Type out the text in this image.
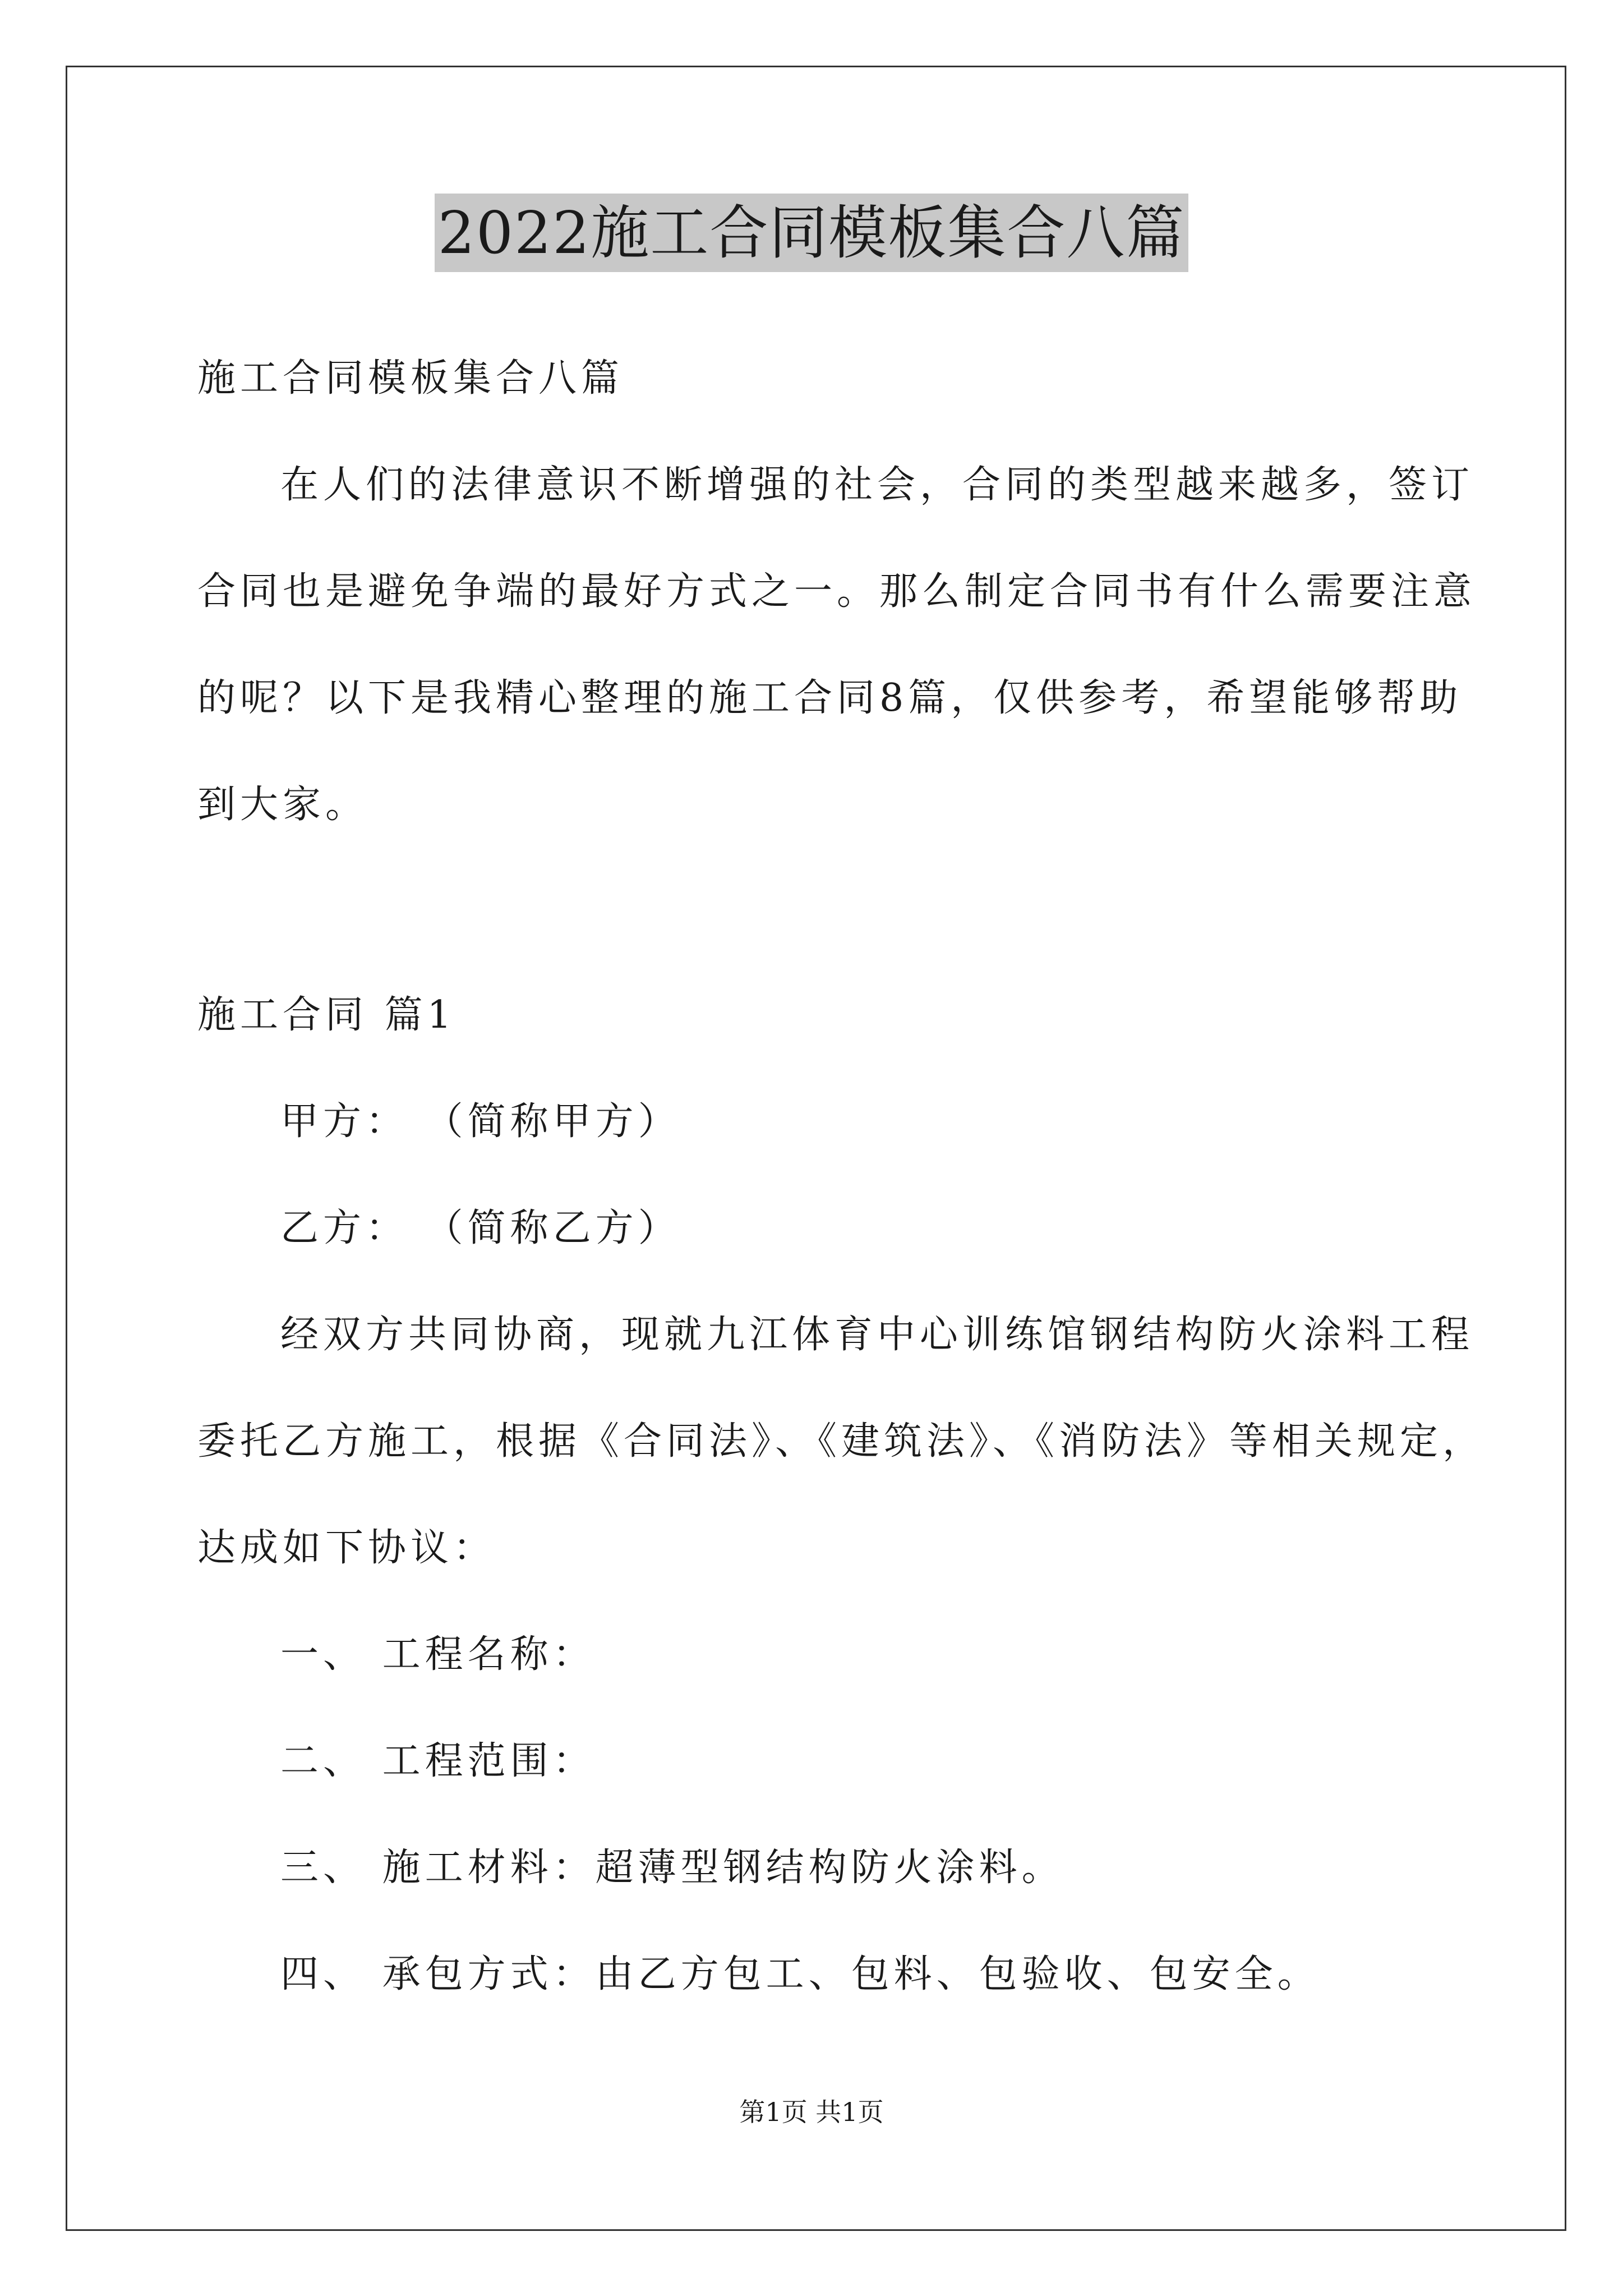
2022施工合同模板集合八篇
施工合同模板集合八篇
在人们的法律意识不断增强的社会，合同的类型越来越多，签订
合同也是避免争端的最好方式之一。那么制定合同书有什么需要注意
的呢？以下是我精心整理的施工合同8篇，仅供参考，希望能够帮助
到大家。
施工合同 篇1
甲方： （简称甲方）
乙方： （简称乙方）
经双方共同协商，现就九江体育中心训练馆钢结构防火涂料工程
委托乙方施工，根据《合同法》、《建筑法》、《消防法》等相关规定，
达成如下协议：
一、 工程名称：
二、 工程范围：
三、 施工材料：超薄型钢结构防火涂料。
四、 承包方式：由乙方包工、包料、包验收、包安全。
第1页 共1页
